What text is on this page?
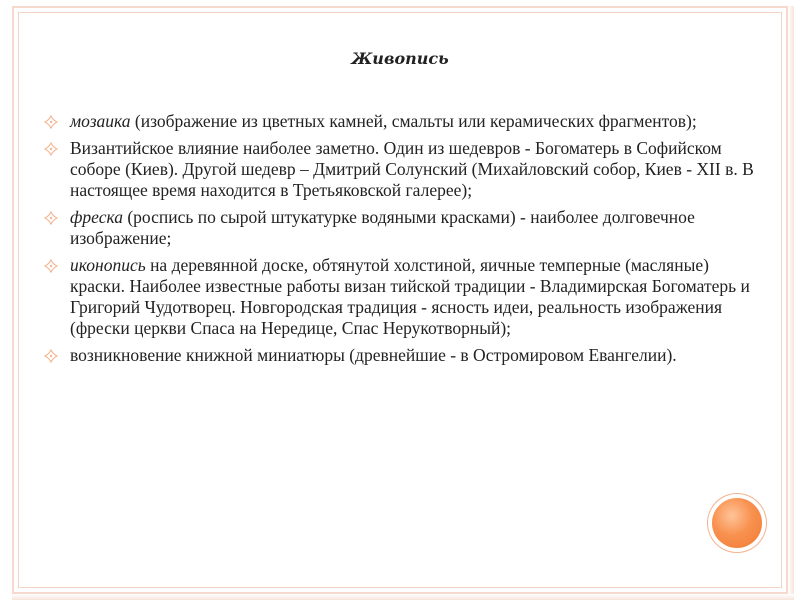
Живопись
мозаика (изображение из цветных камней, смальты или керамических фрагментов);
Византийское влияние наиболее заметно. Один из шедевров - Богоматерь в Софийском соборе (Киев). Другой шедевр – Дмитрий Солунский (Михайловский собор, Киев - XII в. В настоящее время находится в Третьяковской галерее);
фреска (роспись по сырой штукатурке водяными красками) - наиболее долговечное изображение;
иконопись на деревянной доске, обтянутой холстиной, яичные темперные (масляные) краски. Наиболее известные работы визан тийской традиции - Владимирская Богоматерь и Григорий Чудотворец. Новгородская традиция - ясность идеи, реальность изображения (фрески церкви Спаса на Нередице, Спас Нерукотворный);
возникновение книжной миниатюры (древнейшие - в Остромировом Евангелии).
